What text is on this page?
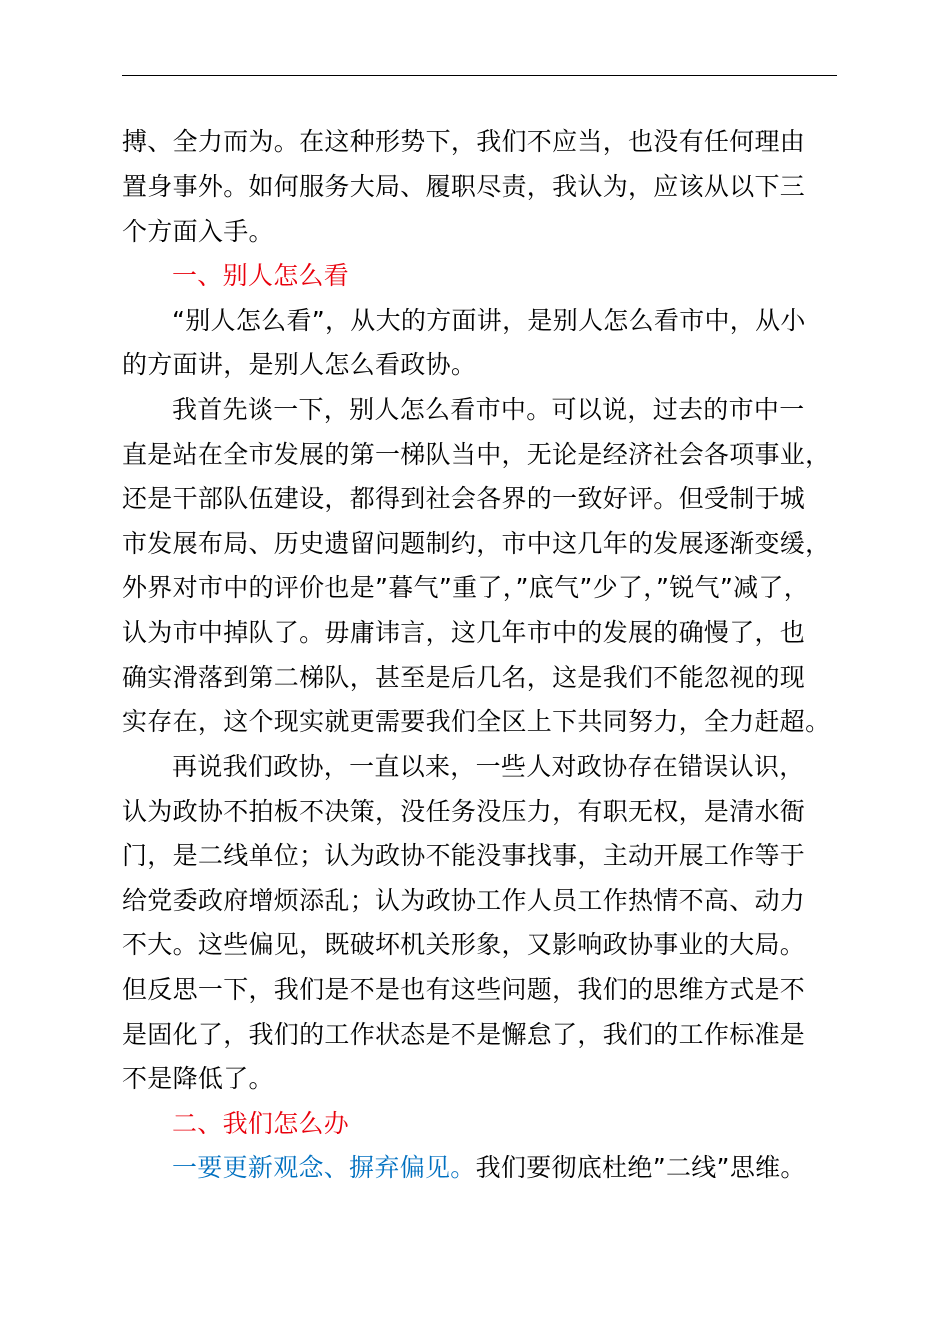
搏、全力而为。在这种形势下，我们不应当，也没有任何理由
置身事外。如何服务大局、履职尽责，我认为，应该从以下三
个方面入手。
一、别人怎么看
“别人怎么看”，从大的方面讲，是别人怎么看市中，从小
的方面讲，是别人怎么看政协。
我首先谈一下，别人怎么看市中。可以说，过去的市中一
直是站在全市发展的第一梯队当中，无论是经济社会各项事业，
还是干部队伍建设，都得到社会各界的一致好评。但受制于城
市发展布局、历史遗留问题制约，市中这几年的发展逐渐变缓，
外界对市中的评价也是”暮气”重了，”底气”少了，”锐气”减了，
认为市中掉队了。毋庸讳言，这几年市中的发展的确慢了，也
确实滑落到第二梯队，甚至是后几名，这是我们不能忽视的现
实存在，这个现实就更需要我们全区上下共同努力，全力赶超。
再说我们政协，一直以来，一些人对政协存在错误认识，
认为政协不拍板不决策，没任务没压力，有职无权，是清水衙
门，是二线单位；认为政协不能没事找事，主动开展工作等于
给党委政府增烦添乱；认为政协工作人员工作热情不高、动力
不大。这些偏见，既破坏机关形象，又影响政协事业的大局。
但反思一下，我们是不是也有这些问题，我们的思维方式是不
是固化了，我们的工作状态是不是懈怠了，我们的工作标准是
不是降低了。
二、我们怎么办
一要更新观念、摒弃偏见。我们要彻底杜绝”二线”思维。
